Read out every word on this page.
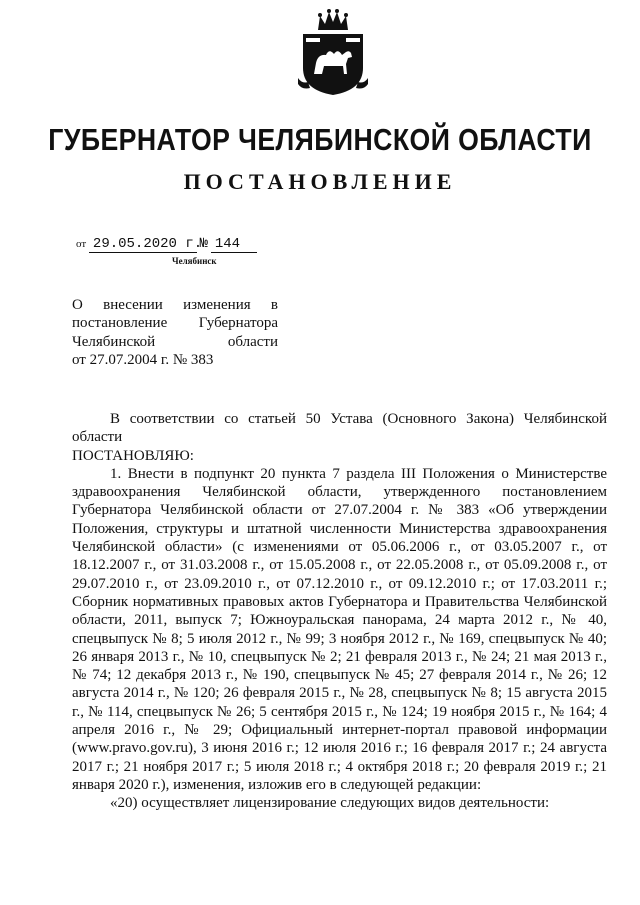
ГУБЕРНАТОР ЧЕЛЯБИНСКОЙ ОБЛАСТИ
ПОСТАНОВЛЕНИЕ
от 29.05.2020 г. № 144
Челябинск
О внесении изменения в
постановление Губернатора
Челябинской области
от 27.07.2004 г. № 383

В соответствии со статьей 50 Устава (Основного Закона) Челябинской области

ПОСТАНОВЛЯЮ:

1. Внести в подпункт 20 пункта 7 раздела III Положения о Министерстве здравоохранения Челябинской области, утвержденного постановлением Губернатора Челябинской области от 27.07.2004 г. № 383 «Об утверждении Положения, структуры и штатной численности Министерства здравоохранения Челябинской области» (с изменениями от 05.06.2006 г., от 03.05.2007 г., от 18.12.2007 г., от 31.03.2008 г., от 15.05.2008 г., от 22.05.2008 г., от 05.09.2008 г., от 29.07.2010 г., от 23.09.2010 г., от 07.12.2010 г., от 09.12.2010 г.; от 17.03.2011 г.; Сборник нормативных правовых актов Губернатора и Правительства Челябинской области, 2011, выпуск 7; Южноуральская панорама, 24 марта 2012 г., № 40, спецвыпуск № 8; 5 июля 2012 г., № 99; 3 ноября 2012 г., № 169, спецвыпуск № 40; 26 января 2013 г., № 10, спецвыпуск № 2; 21 февраля 2013 г., № 24; 21 мая 2013 г., № 74; 12 декабря 2013 г., № 190, спецвыпуск № 45; 27 февраля 2014 г., № 26; 12 августа 2014 г., № 120; 26 февраля 2015 г., № 28, спецвыпуск № 8; 15 августа 2015 г., № 114, спецвыпуск № 26; 5 сентября 2015 г., № 124; 19 ноября 2015 г., № 164; 4 апреля 2016 г., № 29; Официальный интернет-портал правовой информации (www.pravo.gov.ru), 3 июня 2016 г.; 12 июля 2016 г.; 16 февраля 2017 г.; 24 августа 2017 г.; 21 ноября 2017 г.; 5 июля 2018 г.; 4 октября 2018 г.; 20 февраля 2019 г.; 21 января 2020 г.), изменения, изложив его в следующей редакции:

«20) осуществляет лицензирование следующих видов деятельности:
